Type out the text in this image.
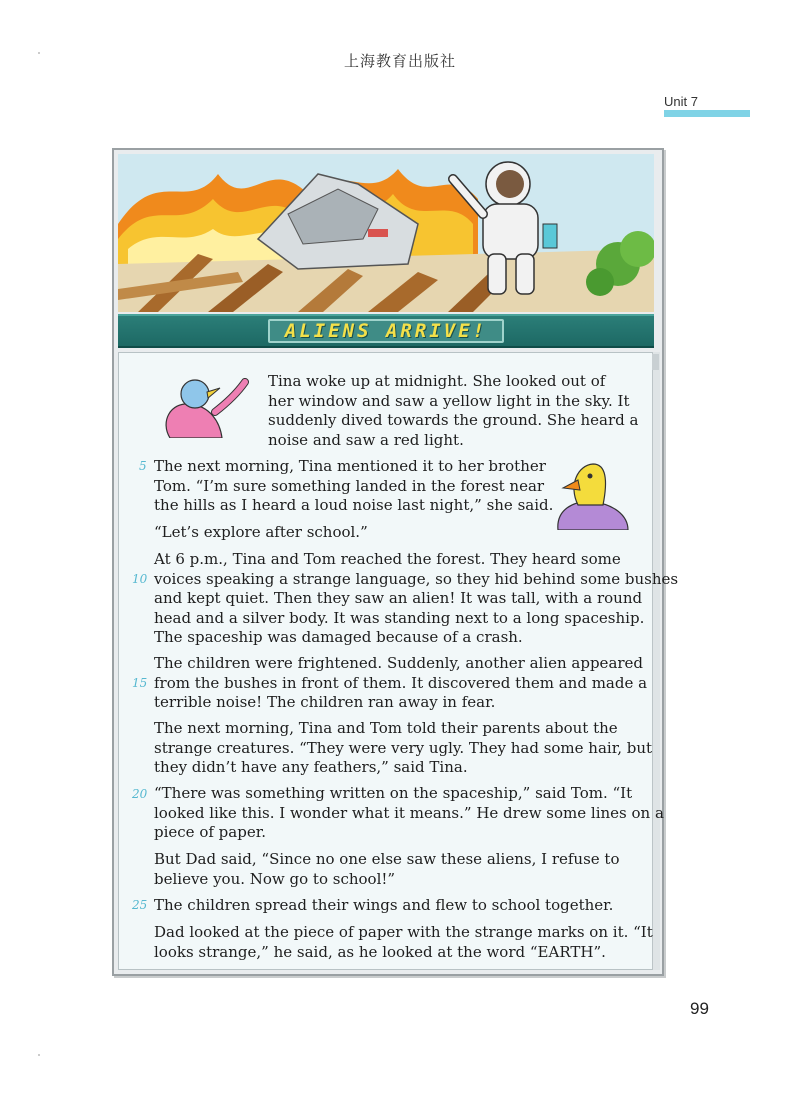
上海教育出版社
Unit 7
ALIENS ARRIVE!

Tina woke up at midnight. She looked out of
her window and saw a yellow light in the sky. It
suddenly dived towards the ground. She heard a
noise and saw a red light.

The next morning, Tina mentioned it to her brother
Tom. “I’m sure something landed in the forest near
the hills as I heard a loud noise last night,” she said.

“Let’s explore after school.”

At 6 p.m., Tina and Tom reached the forest. They heard some
voices speaking a strange language, so they hid behind some bushes
and kept quiet. Then they saw an alien! It was tall, with a round
head and a silver body. It was standing next to a long spaceship.
The spaceship was damaged because of a crash.

The children were frightened. Suddenly, another alien appeared
from the bushes in front of them. It discovered them and made a
terrible noise! The children ran away in fear.

The next morning, Tina and Tom told their parents about the
strange creatures. “They were very ugly. They had some hair, but
they didn’t have any feathers,” said Tina.

“There was something written on the spaceship,” said Tom. “It
looked like this. I wonder what it means.” He drew some lines on a
piece of paper.

But Dad said, “Since no one else saw these aliens, I refuse to
believe you. Now go to school!”

The children spread their wings and flew to school together.

Dad looked at the piece of paper with the strange marks on it. “It
looks strange,” he said, as he looked at the word “EARTH”.

5
10
15
20
25
99
